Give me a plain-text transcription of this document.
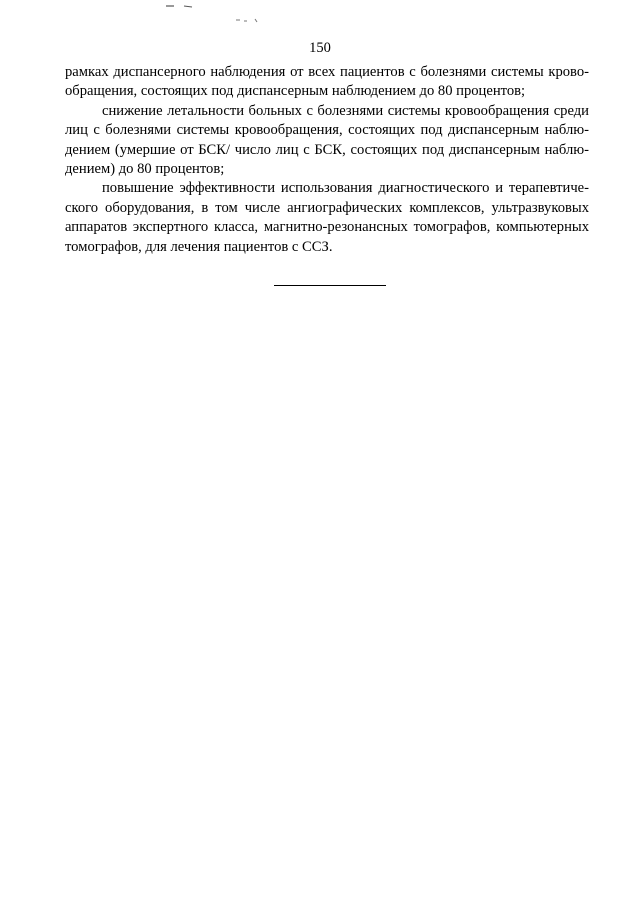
150

рамках диспансерного наблюдения от всех пациентов с болезнями системы крово-
обращения, состоящих под диспансерным наблюдением до 80 процентов;

снижение летальности больных с болезнями системы кровообращения среди
лиц с болезнями системы кровообращения, состоящих под диспансерным наблю-
дением (умершие от БСК/ число лиц с БСК, состоящих под диспансерным наблю-
дением) до 80 процентов;

повышение эффективности использования диагностического и терапевтиче-
ского оборудования, в том числе ангиографических комплексов, ультразвуковых
аппаратов экспертного класса, магнитно-резонансных томографов, компьютерных
томографов, для лечения пациентов с ССЗ.
